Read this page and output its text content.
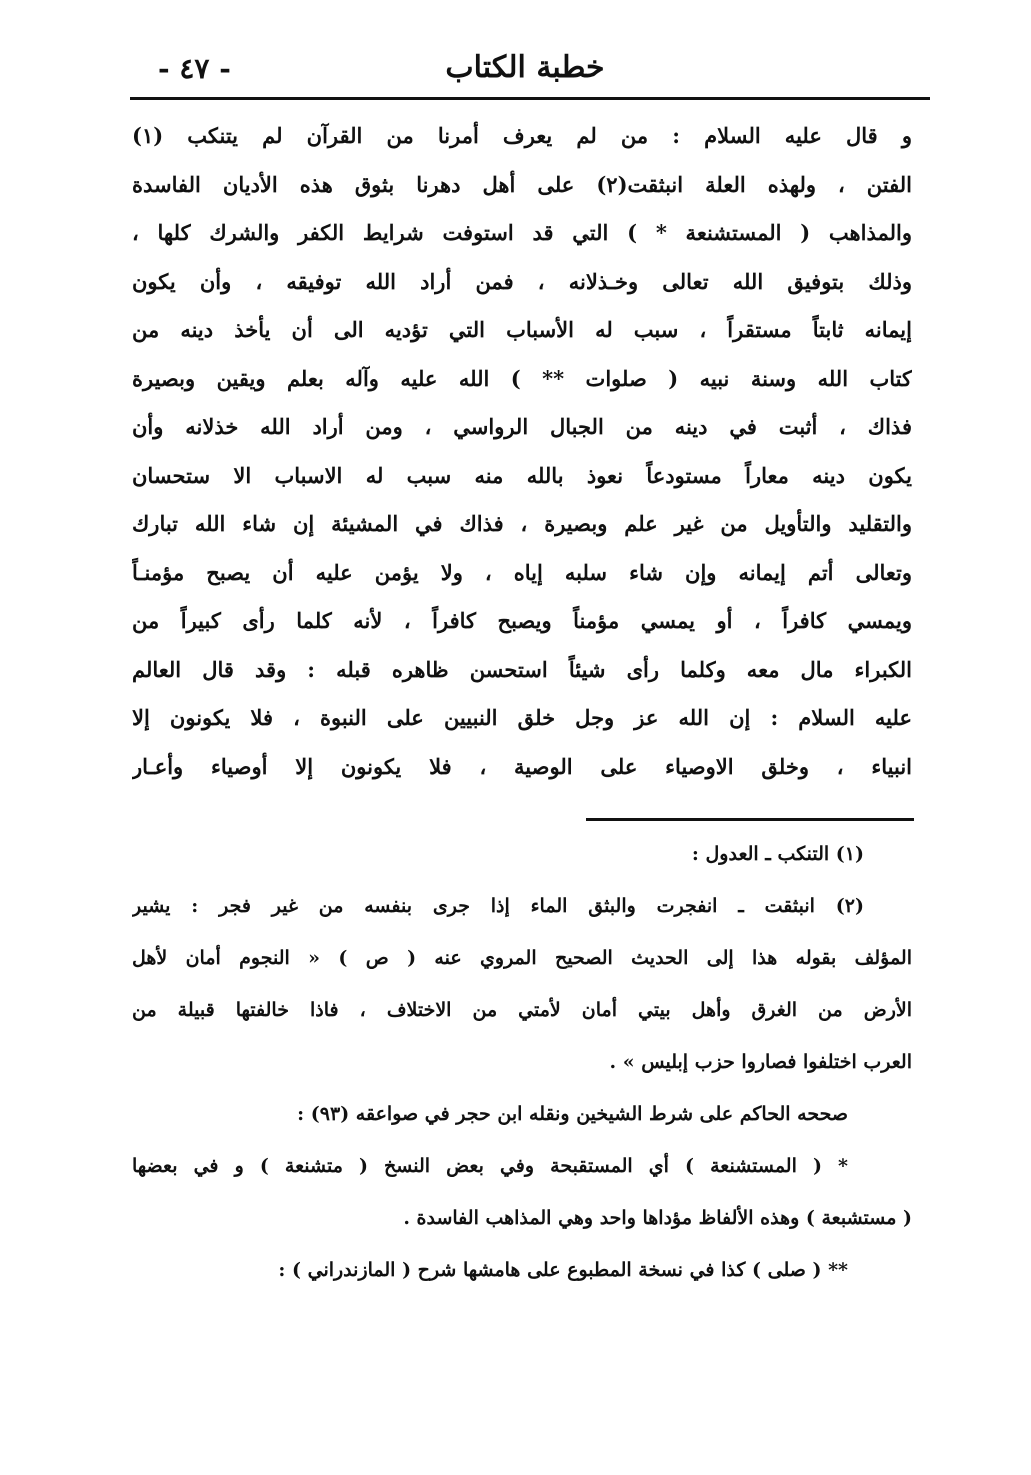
خطبة الكتاب
- ٤٧ -
و قال عليه السلام : من لم يعرف أمرنا من القرآن لم يتنكب (١)
الفتن ، ولهذه العلة انبثقت(٢) على أهل دهرنا بثوق هذه الأديان الفاسدة
والمذاهب ( المستشنعة * ) التي قد استوفت شرايط الكفر والشرك كلها ،
وذلك بتوفيق الله تعالى وخـذلانه ، فمن أراد الله توفيقه ، وأن يكون
إيمانه ثابتاً مستقراً ، سبب له الأسباب التي تؤديه الى أن يأخذ دينه من
كتاب الله وسنة نبيه ( صلوات ** ) الله عليه وآله بعلم ويقين وبصيرة
فذاك ، أثبت في دينه من الجبال الرواسي ، ومن أراد الله خذلانه وأن
يكون دينه معاراً مستودعاً نعوذ بالله منه سبب له الاسباب الا ستحسان
والتقليد والتأويل من غير علم وبصيرة ، فذاك في المشيئة إن شاء الله تبارك
وتعالى أتم إيمانه وإن شاء سلبه إياه ، ولا يؤمن عليه أن يصبح مؤمنـاً
ويمسي كافراً ، أو يمسي مؤمناً ويصبح كافراً ، لأنه كلما رأى كبيراً من
الكبراء مال معه وكلما رأى شيئاً استحسن ظاهره قبله : وقد قال العالم
عليه السلام : إن الله عز وجل خلق النبيين على النبوة ، فلا يكونون إلا
انبياء ، وخلق الاوصياء على الوصية ، فلا يكونون إلا أوصياء وأعـار
(١) التنكب ـ العدول :
(٢) انبثقت ـ انفجرت والبثق الماء إذا جرى بنفسه من غير فجر : يشير
المؤلف بقوله هذا إلى الحديث الصحيح المروي عنه ( ص ) « النجوم أمان لأهل
الأرض من الغرق وأهل بيتي أمان لأمتي من الاختلاف ، فاذا خالفتها قبيلة من
العرب اختلفوا فصاروا حزب إبليس » .
صححه الحاكم على شرط الشيخين ونقله ابن حجر في صواعقه (٩٣) :
* ( المستشنعة ) أي المستقبحة وفي بعض النسخ ( متشنعة ) و في بعضها
( مستشبعة ) وهذه الألفاظ مؤداها واحد وهي المذاهب الفاسدة .
** ( صلى ) كذا في نسخة المطبوع على هامشها شرح ( المازندراني ) :
